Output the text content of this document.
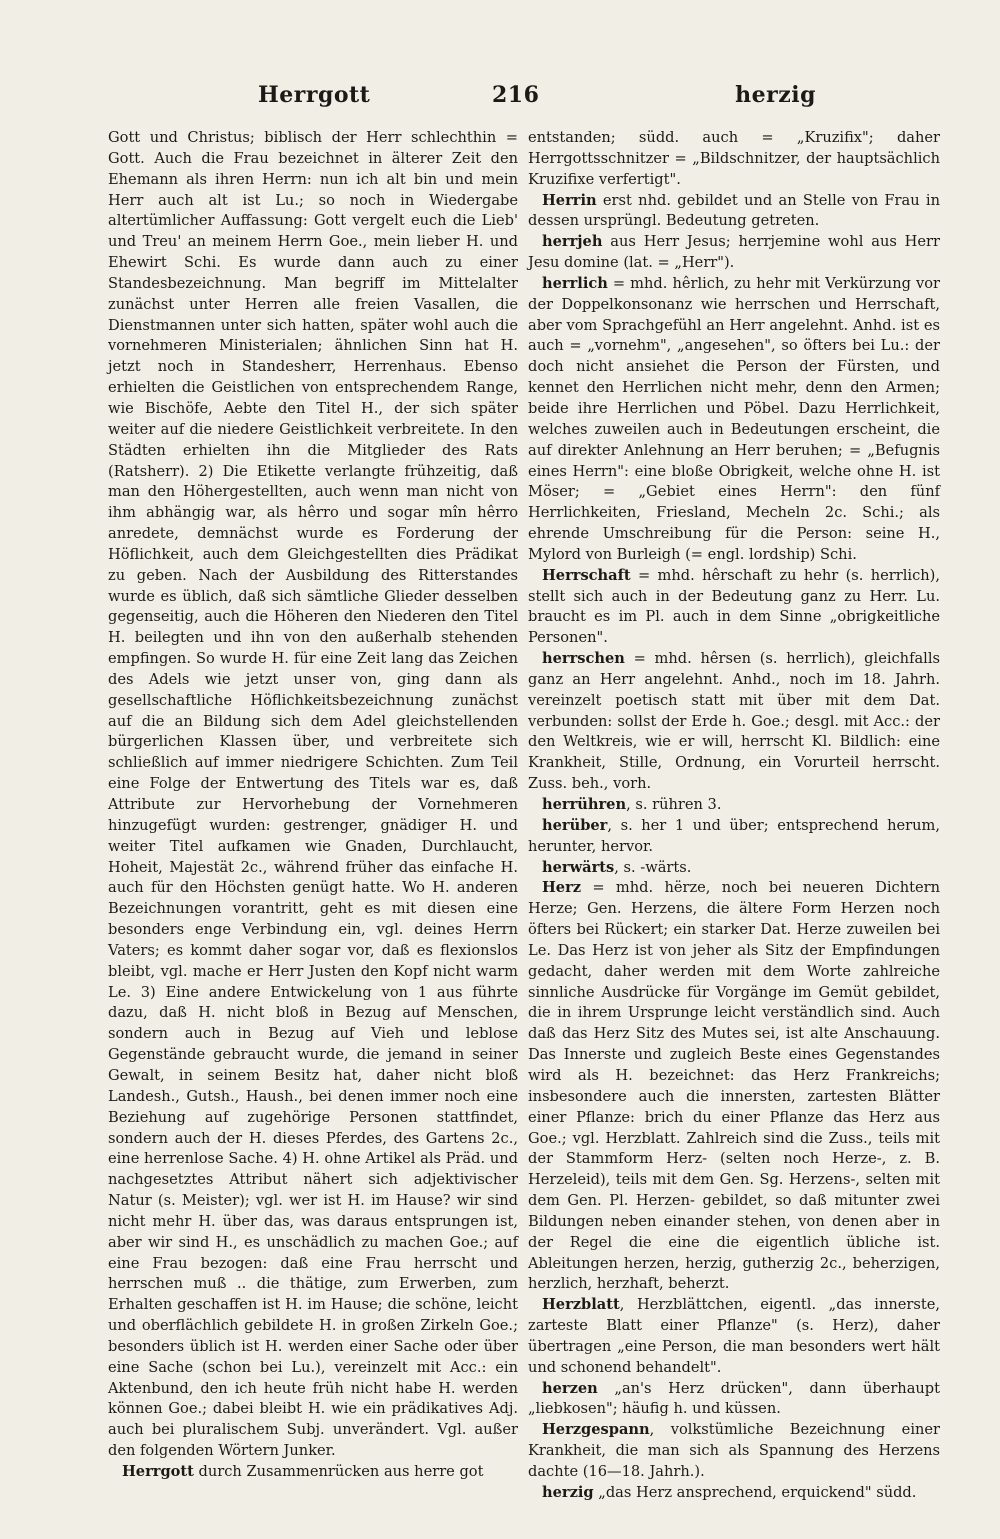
Herrgott	216	herzig

Gott und Christus; biblisch der Herr schlechthin = Gott. Auch die Frau bezeichnet in älterer Zeit den Ehemann als ihren Herrn: nun ich alt bin und mein Herr auch alt ist Lu.; so noch in Wiedergabe altertümlicher Auffassung: Gott vergelt euch die Lieb' und Treu' an meinem Herrn Goe., mein lieber H. und Ehewirt Schi. Es wurde dann auch zu einer Standesbezeichnung. Man begriff im Mittelalter zunächst unter Herren alle freien Vasallen, die Dienstmannen unter sich hatten, später wohl auch die vornehmeren Ministerialen; ähnlichen Sinn hat H. jetzt noch in Standesherr, Herrenhaus. Ebenso erhielten die Geistlichen von entsprechendem Range, wie Bischöfe, Aebte den Titel H., der sich später weiter auf die niedere Geistlichkeit verbreitete. In den Städten erhielten ihn die Mitglieder des Rats (Ratsherr). 2) Die Etikette verlangte frühzeitig, daß man den Höhergestellten, auch wenn man nicht von ihm abhängig war, als hêrro und sogar mîn hêrro anredete, demnächst wurde es Forderung der Höflichkeit, auch dem Gleichgestellten dies Prädikat zu geben. Nach der Ausbildung des Ritterstandes wurde es üblich, daß sich sämtliche Glieder desselben gegenseitig, auch die Höheren den Niederen den Titel H. beilegten und ihn von den außerhalb stehenden empfingen. So wurde H. für eine Zeit lang das Zeichen des Adels wie jetzt unser von, ging dann als gesellschaftliche Höflichkeitsbezeichnung zunächst auf die an Bildung sich dem Adel gleichstellenden bürgerlichen Klassen über, und verbreitete sich schließlich auf immer niedrigere Schichten. Zum Teil eine Folge der Entwertung des Titels war es, daß Attribute zur Hervorhebung der Vornehmeren hinzugefügt wurden: gestrenger, gnädiger H. und weiter Titel aufkamen wie Gnaden, Durchlaucht, Hoheit, Majestät 2c., während früher das einfache H. auch für den Höchsten genügt hatte. Wo H. anderen Bezeichnungen vorantritt, geht es mit diesen eine besonders enge Verbindung ein, vgl. deines Herrn Vaters; es kommt daher sogar vor, daß es flexionslos bleibt, vgl. mache er Herr Justen den Kopf nicht warm Le. 3) Eine andere Entwickelung von 1 aus führte dazu, daß H. nicht bloß in Bezug auf Menschen, sondern auch in Bezug auf Vieh und leblose Gegenstände gebraucht wurde, die jemand in seiner Gewalt, in seinem Besitz hat, daher nicht bloß Landesh., Gutsh., Haush., bei denen immer noch eine Beziehung auf zugehörige Personen stattfindet, sondern auch der H. dieses Pferdes, des Gartens 2c., eine herrenlose Sache. 4) H. ohne Artikel als Präd. und nachgesetztes Attribut nähert sich adjektivischer Natur (s. Meister); vgl. wer ist H. im Hause? wir sind nicht mehr H. über das, was daraus entsprungen ist, aber wir sind H., es unschädlich zu machen Goe.; auf eine Frau bezogen: daß eine Frau herrscht und herrschen muß .. die thätige, zum Erwerben, zum Erhalten geschaffen ist H. im Hause; die schöne, leicht und oberflächlich gebildete H. in großen Zirkeln Goe.; besonders üblich ist H. werden einer Sache oder über eine Sache (schon bei Lu.), vereinzelt mit Acc.: ein Aktenbund, den ich heute früh nicht habe H. werden können Goe.; dabei bleibt H. wie ein prädikatives Adj. auch bei pluralischem Subj. unverändert. Vgl. außer den folgenden Wörtern Junker.

Herrgott durch Zusammenrücken aus herre got

entstanden; südd. auch = „Kruzifix"; daher Herrgottsschnitzer = „Bildschnitzer, der hauptsächlich Kruzifixe verfertigt".

Herrin erst nhd. gebildet und an Stelle von Frau in dessen ursprüngl. Bedeutung getreten.

herrjeh aus Herr Jesus; herrjemine wohl aus Herr Jesu domine (lat. = „Herr").

herrlich = mhd. hêrlich, zu hehr mit Verkürzung vor der Doppelkonsonanz wie herrschen und Herrschaft, aber vom Sprachgefühl an Herr angelehnt. Anhd. ist es auch = „vornehm", „angesehen", so öfters bei Lu.: der doch nicht ansiehet die Person der Fürsten, und kennet den Herrlichen nicht mehr, denn den Armen; beide ihre Herrlichen und Pöbel. Dazu Herrlichkeit, welches zuweilen auch in Bedeutungen erscheint, die auf direkter Anlehnung an Herr beruhen; = „Befugnis eines Herrn": eine bloße Obrigkeit, welche ohne H. ist Möser; = „Gebiet eines Herrn": den fünf Herrlichkeiten, Friesland, Mecheln 2c. Schi.; als ehrende Umschreibung für die Person: seine H., Mylord von Burleigh (= engl. lordship) Schi.

Herrschaft = mhd. hêrschaft zu hehr (s. herrlich), stellt sich auch in der Bedeutung ganz zu Herr. Lu. braucht es im Pl. auch in dem Sinne „obrigkeitliche Personen".

herrschen = mhd. hêrsen (s. herrlich), gleichfalls ganz an Herr angelehnt. Anhd., noch im 18. Jahrh. vereinzelt poetisch statt mit über mit dem Dat. verbunden: sollst der Erde h. Goe.; desgl. mit Acc.: der den Weltkreis, wie er will, herrscht Kl. Bildlich: eine Krankheit, Stille, Ordnung, ein Vorurteil herrscht. Zuss. beh., vorh.

herrühren, s. rühren 3.

herüber, s. her 1 und über; entsprechend herum, herunter, hervor.

herwärts, s. -wärts.

Herz = mhd. hërze, noch bei neueren Dichtern Herze; Gen. Herzens, die ältere Form Herzen noch öfters bei Rückert; ein starker Dat. Herze zuweilen bei Le. Das Herz ist von jeher als Sitz der Empfindungen gedacht, daher werden mit dem Worte zahlreiche sinnliche Ausdrücke für Vorgänge im Gemüt gebildet, die in ihrem Ursprunge leicht verständlich sind. Auch daß das Herz Sitz des Mutes sei, ist alte Anschauung. Das Innerste und zugleich Beste eines Gegenstandes wird als H. bezeichnet: das Herz Frankreichs; insbesondere auch die innersten, zartesten Blätter einer Pflanze: brich du einer Pflanze das Herz aus Goe.; vgl. Herzblatt. Zahlreich sind die Zuss., teils mit der Stammform Herz- (selten noch Herze-, z. B. Herzeleid), teils mit dem Gen. Sg. Herzens-, selten mit dem Gen. Pl. Herzen- gebildet, so daß mitunter zwei Bildungen neben einander stehen, von denen aber in der Regel die eine die eigentlich übliche ist. Ableitungen herzen, herzig, gutherzig 2c., beherzigen, herzlich, herzhaft, beherzt.

Herzblatt, Herzblättchen, eigentl. „das innerste, zarteste Blatt einer Pflanze" (s. Herz), daher übertragen „eine Person, die man besonders wert hält und schonend behandelt".

herzen „an's Herz drücken", dann überhaupt „liebkosen"; häufig h. und küssen.

Herzgespann, volkstümliche Bezeichnung einer Krankheit, die man sich als Spannung des Herzens dachte (16—18. Jahrh.).

herzig „das Herz ansprechend, erquickend" südd.
